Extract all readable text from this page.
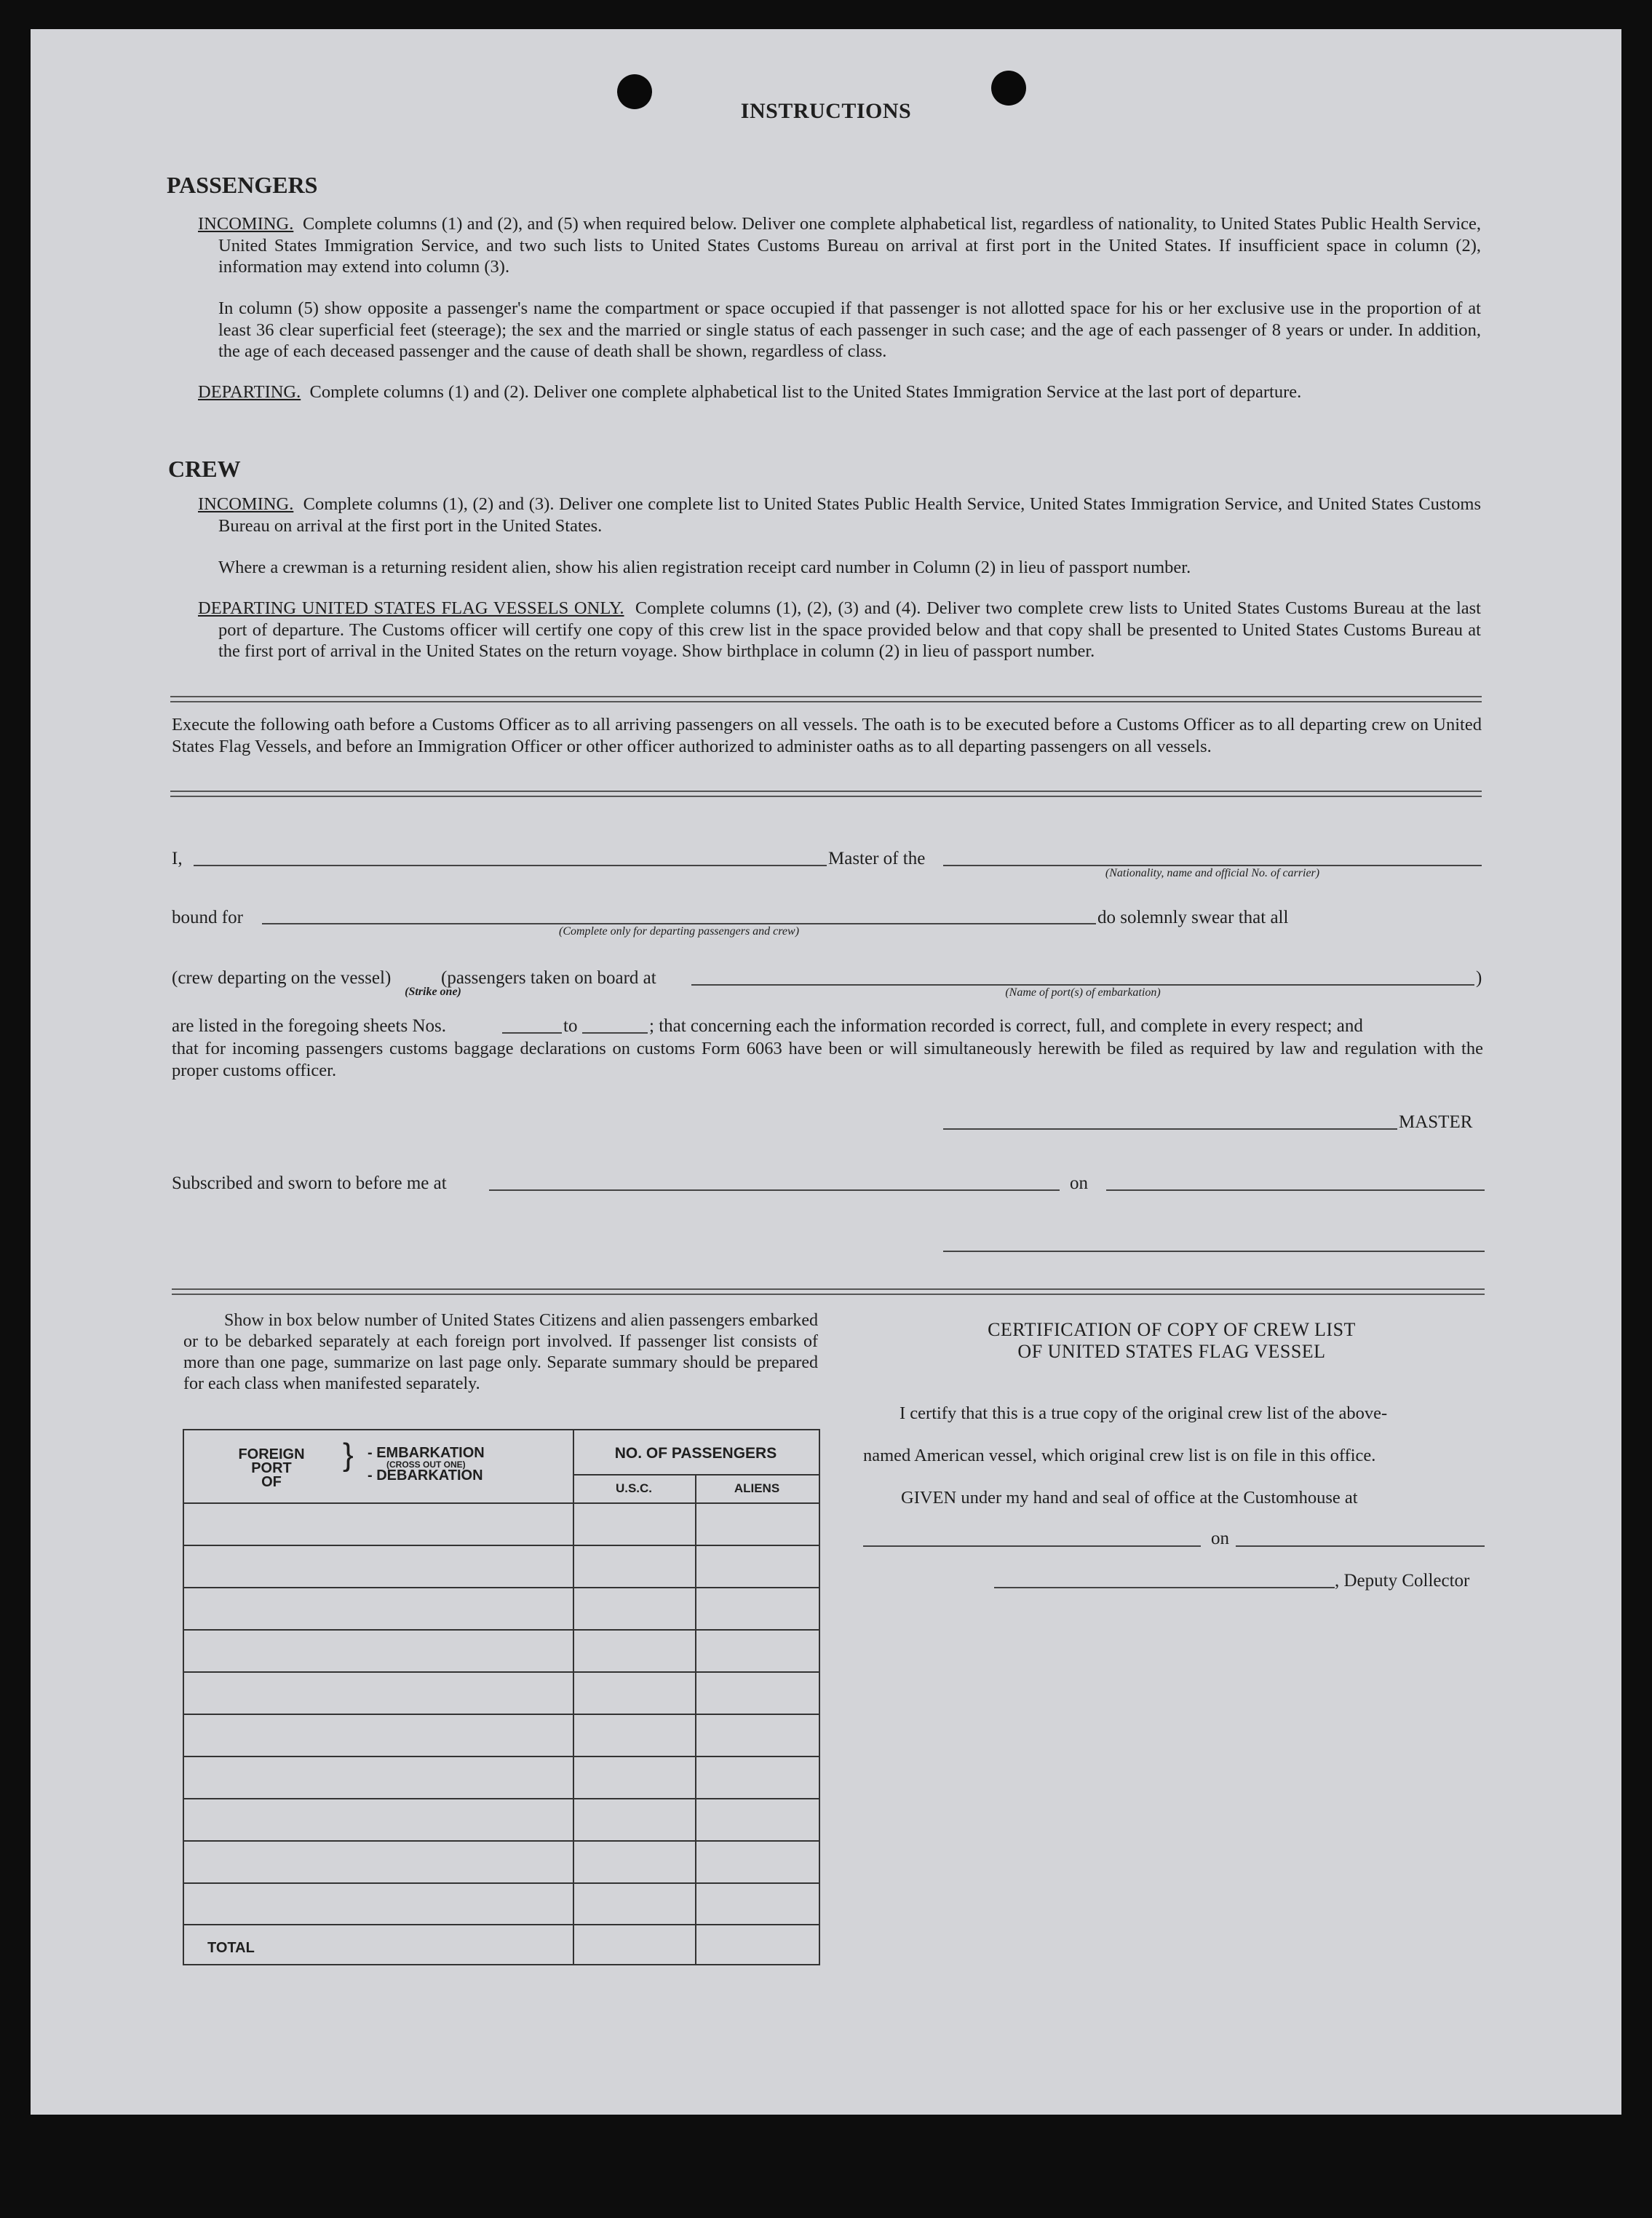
INSTRUCTIONS
PASSENGERS

INCOMING. Complete columns (1) and (2), and (5) when required below. Deliver one complete alphabetical list, regardless of nationality, to United States Public Health Service, United States Immigration Service, and two such lists to United States Customs Bureau on arrival at first port in the United States. If insufficient space in column (2), information may extend into column (3).

In column (5) show opposite a passenger's name the compartment or space occupied if that passenger is not allotted space for his or her exclusive use in the proportion of at least 36 clear superficial feet (steerage); the sex and the married or single status of each passenger in such case; and the age of each passenger of 8 years or under. In addition, the age of each deceased passenger and the cause of death shall be shown, regardless of class.

DEPARTING. Complete columns (1) and (2). Deliver one complete alphabetical list to the United States Immigration Service at the last port of departure.

CREW

INCOMING. Complete columns (1), (2) and (3). Deliver one complete list to United States Public Health Service, United States Immigration Service, and United States Customs Bureau on arrival at the first port in the United States.

Where a crewman is a returning resident alien, show his alien registration receipt card number in Column (2) in lieu of passport number.

DEPARTING UNITED STATES FLAG VESSELS ONLY. Complete columns (1), (2), (3) and (4). Deliver two complete crew lists to United States Customs Bureau at the last port of departure. The Customs officer will certify one copy of this crew list in the space provided below and that copy shall be presented to United States Customs Bureau at the first port of arrival in the United States on the return voyage. Show birthplace in column (2) in lieu of passport number.

Execute the following oath before a Customs Officer as to all arriving passengers on all vessels. The oath is to be executed before a Customs Officer as to all departing crew on United States Flag Vessels, and before an Immigration Officer or other officer authorized to administer oaths as to all departing passengers on all vessels.

I,	Master of the
(Nationality, name and official No. of carrier)
bound for
(Complete only for departing passengers and crew)
do solemnly swear that all
(crew departing on the vessel)
(Strike one)
(passengers taken on board at
(Name of port(s) of embarkation)
)
are listed in the foregoing sheets Nos.	to	; that concerning each the information recorded is correct, full, and complete in every respect; and

that for incoming passengers customs baggage declarations on customs Form 6063 have been or will simultaneously herewith be filed as required by law and regulation with the proper customs officer.

MASTER
Subscribed and sworn to before me at	on

Show in box below number of United States Citizens and alien passengers embarked or to be debarked separately at each foreign port involved. If passenger list consists of more than one page, summarize on last page only. Separate summary should be prepared for each class when manifested separately.

FOREIGN
PORT
OF
} - EMBARKATION
(CROSS OUT ONE)
- DEBARKATION
NO. OF PASSENGERS
U.S.C.	ALIENS
TOTAL
CERTIFICATION OF COPY OF CREW LIST
OF UNITED STATES FLAG VESSEL
I certify that this is a true copy of the original crew list of the above-
named American vessel, which original crew list is on file in this office.
GIVEN under my hand and seal of office at the Customhouse at
on
, Deputy Collector
